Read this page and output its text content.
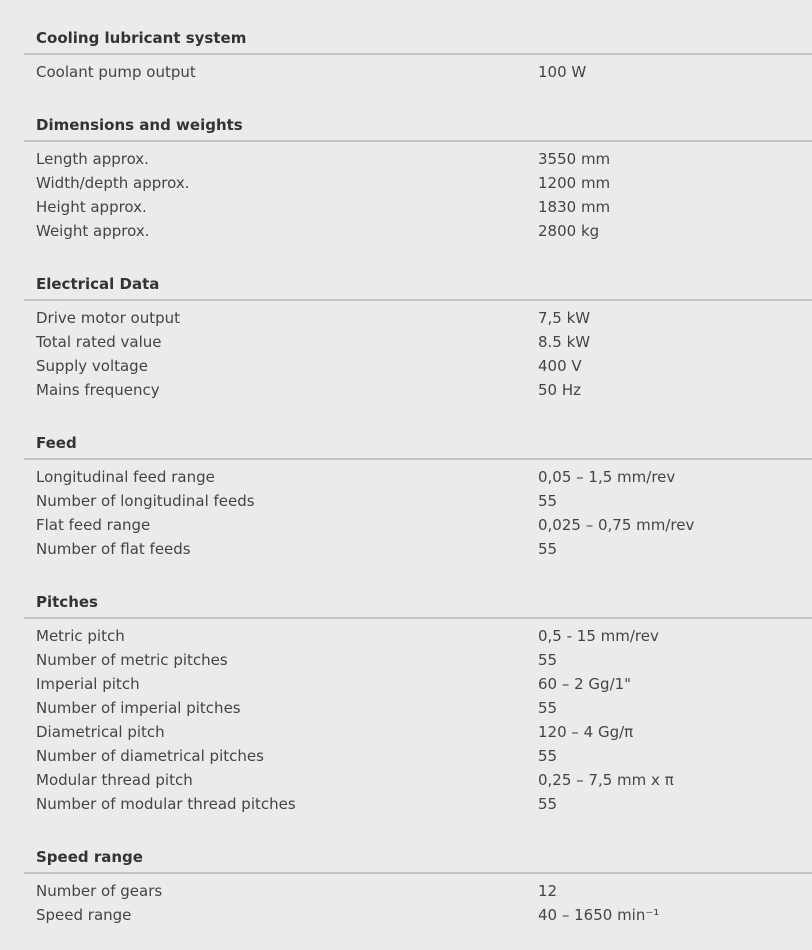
Cooling lubricant system
Coolant pump output	100 W
Dimensions and weights
Length approx.	3550 mm
Width/depth approx.	1200 mm
Height approx.	1830 mm
Weight approx.	2800 kg
Electrical Data
Drive motor output	7,5 kW
Total rated value	8.5 kW
Supply voltage	400 V
Mains frequency	50 Hz
Feed
Longitudinal feed range	0,05 – 1,5 mm/rev
Number of longitudinal feeds	55
Flat feed range	0,025 – 0,75 mm/rev
Number of flat feeds	55
Pitches
Metric pitch	0,5 - 15 mm/rev
Number of metric pitches	55
Imperial pitch	60 – 2 Gg/1"
Number of imperial pitches	55
Diametrical pitch	120 – 4 Gg/π
Number of diametrical pitches	55
Modular thread pitch	0,25 – 7,5 mm x π
Number of modular thread pitches	55
Speed range
Number of gears	12
Speed range	40 – 1650 min⁻¹
